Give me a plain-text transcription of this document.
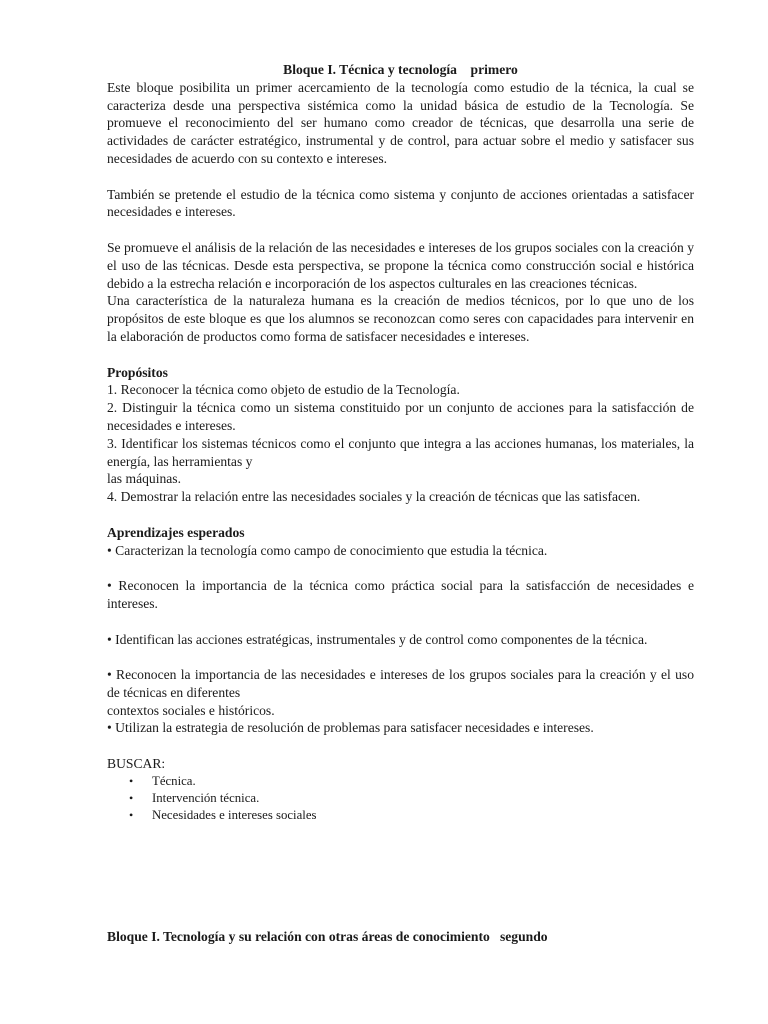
Bloque I. Técnica y tecnología    primero

Este bloque posibilita un primer acercamiento de la tecnología como estudio de la técnica, la cual se caracteriza desde una perspectiva sistémica como la unidad básica de estudio de la Tecnología. Se promueve el reconocimiento del ser humano como creador de técnicas, que desarrolla una serie de actividades de carácter estratégico, instrumental y de control, para actuar sobre el medio y satisfacer sus necesidades de acuerdo con su contexto e intereses.

También se pretende el estudio de la técnica como sistema y conjunto de acciones orientadas a satisfacer necesidades e intereses.

Se promueve el análisis de la relación de las necesidades e intereses de los grupos sociales con la creación y el uso de las técnicas. Desde esta perspectiva, se propone la técnica como construcción social e histórica debido a la estrecha relación e incorporación de los aspectos culturales en las creaciones técnicas.

Una característica de la naturaleza humana es la creación de medios técnicos, por lo que uno de los propósitos de este bloque es que los alumnos se reconozcan como seres con capacidades para intervenir en la elaboración de productos como forma de satisfacer necesidades e intereses.

Propósitos

1. Reconocer la técnica como objeto de estudio de la Tecnología.

2. Distinguir la técnica como un sistema constituido por un conjunto de acciones para la satisfacción de necesidades e intereses.

3. Identificar los sistemas técnicos como el conjunto que integra a las acciones humanas, los materiales, la energía, las herramientas y

las máquinas.

4. Demostrar la relación entre las necesidades sociales y la creación de técnicas que las satisfacen.

Aprendizajes esperados

• Caracterizan la tecnología como campo de conocimiento que estudia la técnica.

• Reconocen la importancia de la técnica como práctica social para la satisfacción de necesidades e intereses.

• Identifican las acciones estratégicas, instrumentales y de control como componentes de la técnica.

• Reconocen la importancia de las necesidades e intereses de los grupos sociales para la creación y el uso de técnicas en diferentes

contextos sociales e históricos.

• Utilizan la estrategia de resolución de problemas para satisfacer necesidades e intereses.

BUSCAR:

• Técnica.
• Intervención técnica.
• Necesidades e intereses sociales
Bloque I. Tecnología y su relación con otras áreas de conocimiento   segundo
